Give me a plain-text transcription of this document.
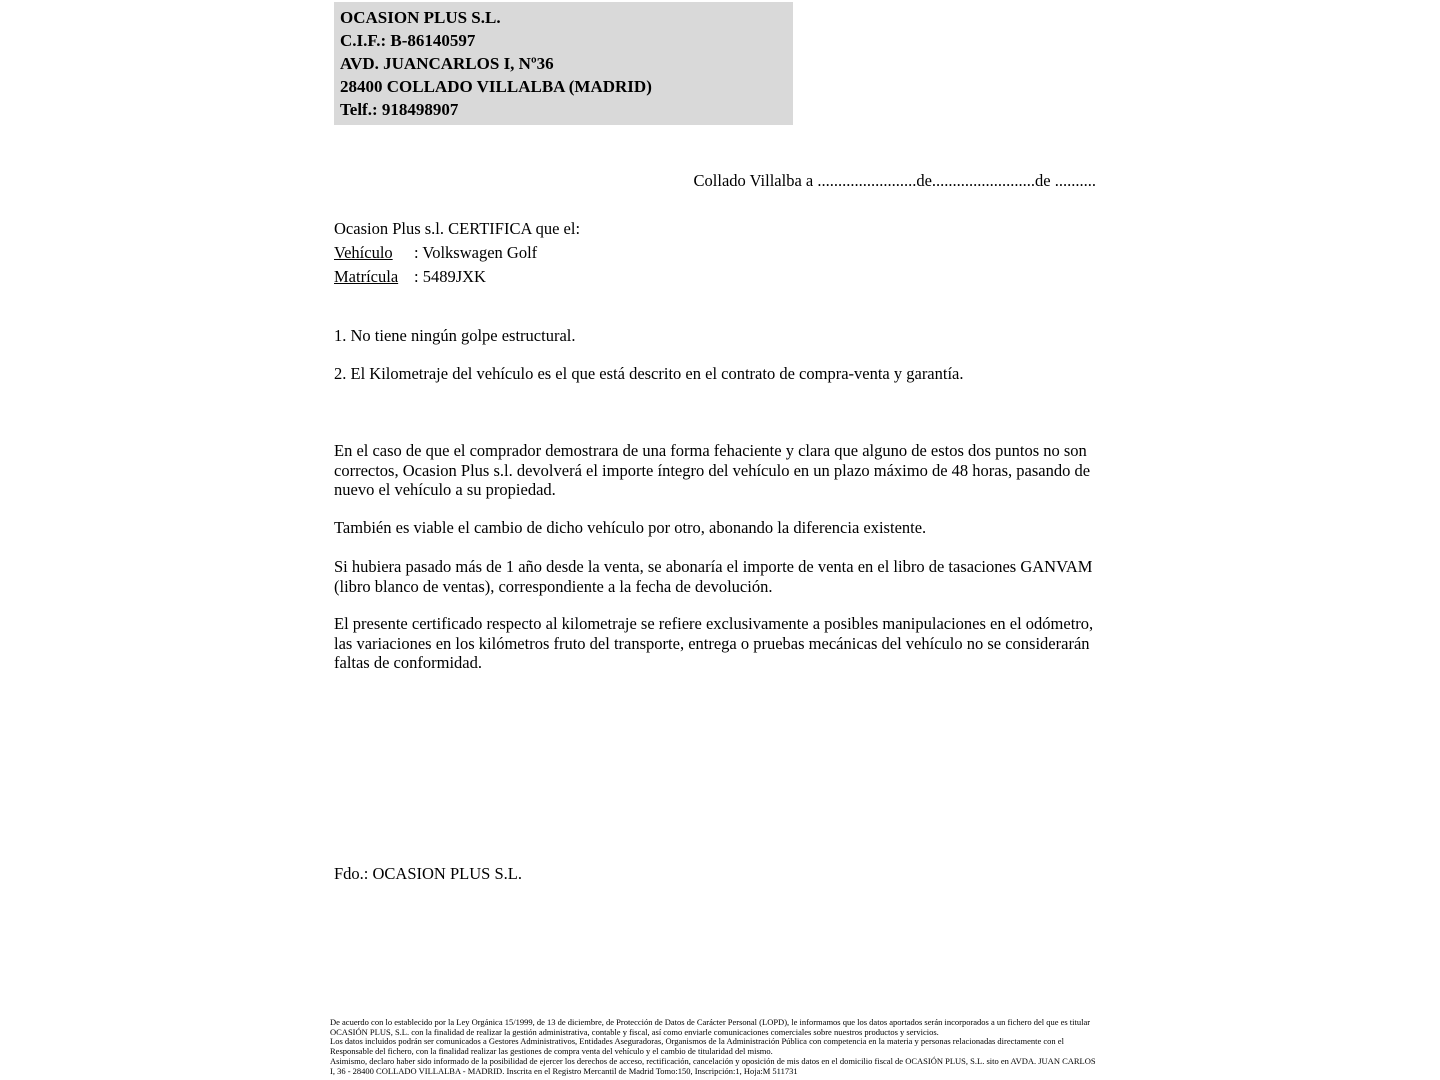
OCASION PLUS S.L.
C.I.F.: B-86140597
AVD. JUANCARLOS I, Nº36
28400 COLLADO VILLALBA (MADRID)
Telf.: 918498907
Collado Villalba a ........................de.........................de ..........
Ocasion Plus s.l. CERTIFICA que el:
Vehículo : Volkswagen Golf
Matrícula : 5489JXK
1. No tiene ningún golpe estructural.
2. El Kilometraje del vehículo es el que está descrito en el contrato de compra-venta y garantía.
En el caso de que el comprador demostrara de una forma fehaciente y clara que alguno de estos dos puntos no son correctos, Ocasion Plus s.l. devolverá el importe íntegro del vehículo en un plazo máximo de 48 horas, pasando de nuevo el vehículo a su propiedad.
También es viable el cambio de dicho vehículo por otro, abonando la diferencia existente.
Si hubiera pasado más de 1 año desde la venta, se abonaría el importe de venta en el libro de tasaciones GANVAM (libro blanco de ventas), correspondiente a la fecha de devolución.
El presente certificado respecto al kilometraje se refiere exclusivamente a posibles manipulaciones en el odómetro, las variaciones en los kilómetros fruto del transporte, entrega o pruebas mecánicas del vehículo no se considerarán faltas de conformidad.
Fdo.: OCASION PLUS S.L.

De acuerdo con lo establecido por la Ley Orgánica 15/1999, de 13 de diciembre, de Protección de Datos de Carácter Personal (LOPD), le informamos que los datos aportados serán incorporados a un fichero del que es titular OCASIÓN PLUS, S.L. con la finalidad de realizar la gestión administrativa, contable y fiscal, así como enviarle comunicaciones comerciales sobre nuestros productos y servicios.

Los datos incluidos podrán ser comunicados a Gestores Administrativos, Entidades Aseguradoras, Organismos de la Administración Pública con competencia en la materia y personas relacionadas directamente con el Responsable del fichero, con la finalidad realizar las gestiones de compra venta del vehículo y el cambio de titularidad del mismo.

Asimismo, declaro haber sido informado de la posibilidad de ejercer los derechos de acceso, rectificación, cancelación y oposición de mis datos en el domicilio fiscal de OCASIÓN PLUS, S.L. sito en AVDA. JUAN CARLOS I, 36 - 28400 COLLADO VILLALBA - MADRID. Inscrita en el Registro Mercantil de Madrid Tomo:150, Inscripción:1, Hoja:M 511731
